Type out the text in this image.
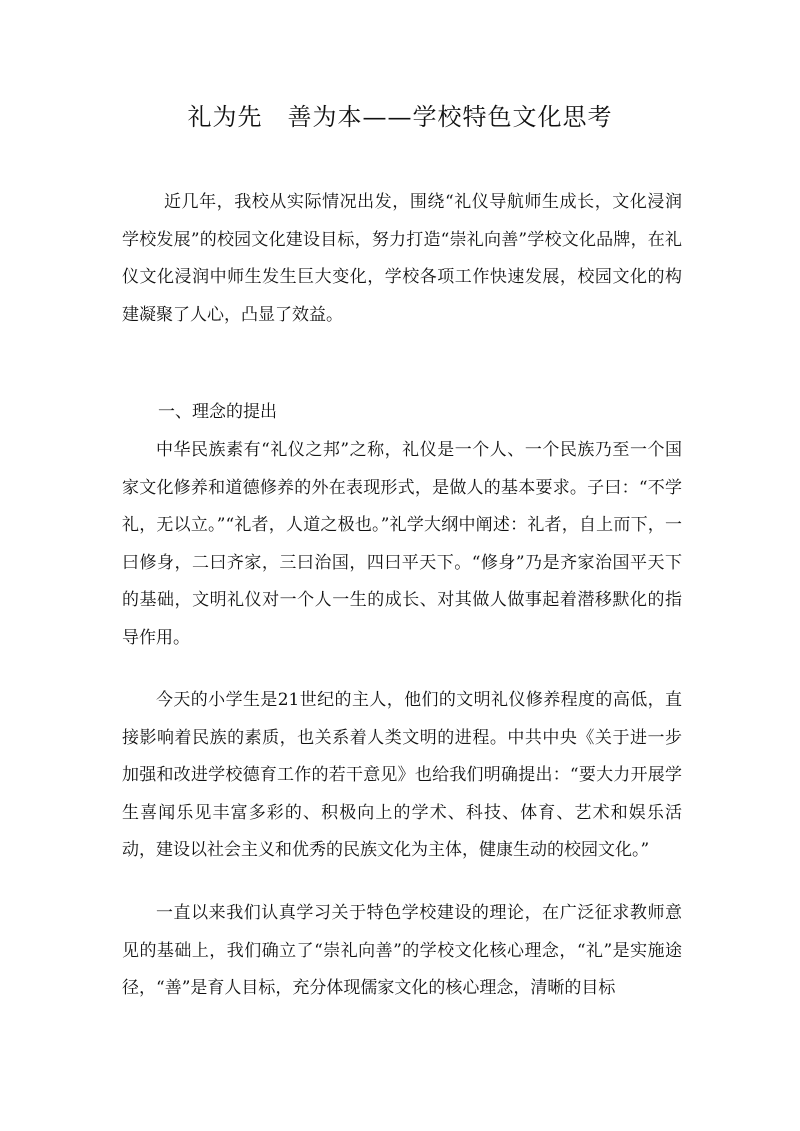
礼为先　善为本——学校特色文化思考

近几年，我校从实际情况出发，围绕“礼仪导航师生成长，文化浸润学校发展”的校园文化建设目标，努力打造“崇礼向善”学校文化品牌，在礼仪文化浸润中师生发生巨大变化，学校各项工作快速发展，校园文化的构建凝聚了人心，凸显了效益。

一、理念的提出

中华民族素有“礼仪之邦”之称，礼仪是一个人、一个民族乃至一个国家文化修养和道德修养的外在表现形式，是做人的基本要求。子曰：“不学礼，无以立。”“礼者，人道之极也。”礼学大纲中阐述：礼者，自上而下，一曰修身，二曰齐家，三曰治国，四曰平天下。“修身”乃是齐家治国平天下的基础，文明礼仪对一个人一生的成长、对其做人做事起着潜移默化的指导作用。

今天的小学生是21世纪的主人，他们的文明礼仪修养程度的高低，直接影响着民族的素质，也关系着人类文明的进程。中共中央《关于进一步加强和改进学校德育工作的若干意见》也给我们明确提出：“要大力开展学生喜闻乐见丰富多彩的、积极向上的学术、科技、体育、艺术和娱乐活动，建设以社会主义和优秀的民族文化为主体，健康生动的校园文化。”

一直以来我们认真学习关于特色学校建设的理论，在广泛征求教师意见的基础上，我们确立了“崇礼向善”的学校文化核心理念，“礼”是实施途径，“善”是育人目标，充分体现儒家文化的核心理念，清晰的目标
